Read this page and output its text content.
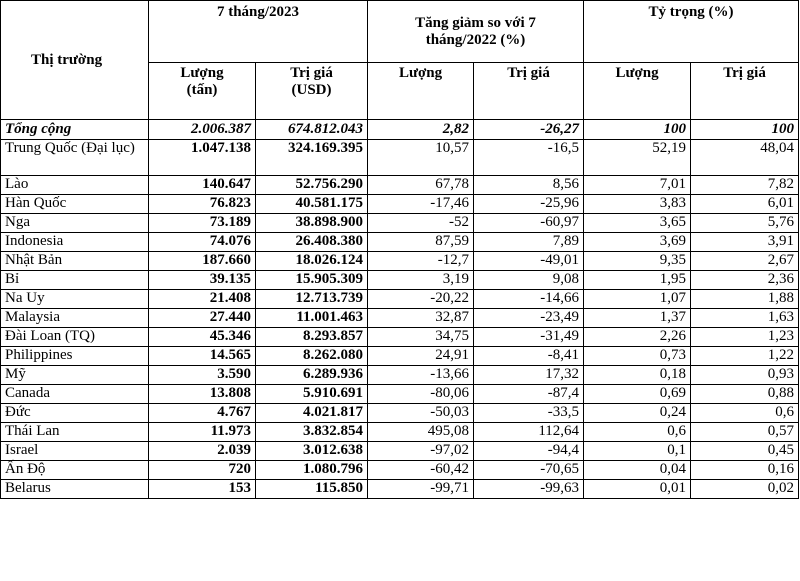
Thị trường	7 tháng/2023		Tăng giảm so với 7 tháng/2022 (%)		Tỷ trọng (%)	
	Lượng (tấn)	Trị giá (USD)	Lượng	Trị giá	Lượng	Trị giá
Tổng cộng	2.006.387	674.812.043	2,82	-26,27	100	100
Trung Quốc (Đại lục)	1.047.138	324.169.395	10,57	-16,5	52,19	48,04
Lào	140.647	52.756.290	67,78	8,56	7,01	7,82
Hàn Quốc	76.823	40.581.175	-17,46	-25,96	3,83	6,01
Nga	73.189	38.898.900	-52	-60,97	3,65	5,76
Indonesia	74.076	26.408.380	87,59	7,89	3,69	3,91
Nhật Bản	187.660	18.026.124	-12,7	-49,01	9,35	2,67
Bỉ	39.135	15.905.309	3,19	9,08	1,95	2,36
Na Uy	21.408	12.713.739	-20,22	-14,66	1,07	1,88
Malaysia	27.440	11.001.463	32,87	-23,49	1,37	1,63
Đài Loan (TQ)	45.346	8.293.857	34,75	-31,49	2,26	1,23
Philippines	14.565	8.262.080	24,91	-8,41	0,73	1,22
Mỹ	3.590	6.289.936	-13,66	17,32	0,18	0,93
Canada	13.808	5.910.691	-80,06	-87,4	0,69	0,88
Đức	4.767	4.021.817	-50,03	-33,5	0,24	0,6
Thái Lan	11.973	3.832.854	495,08	112,64	0,6	0,57
Israel	2.039	3.012.638	-97,02	-94,4	0,1	0,45
Ấn Độ	720	1.080.796	-60,42	-70,65	0,04	0,16
Belarus	153	115.850	-99,71	-99,63	0,01	0,02
